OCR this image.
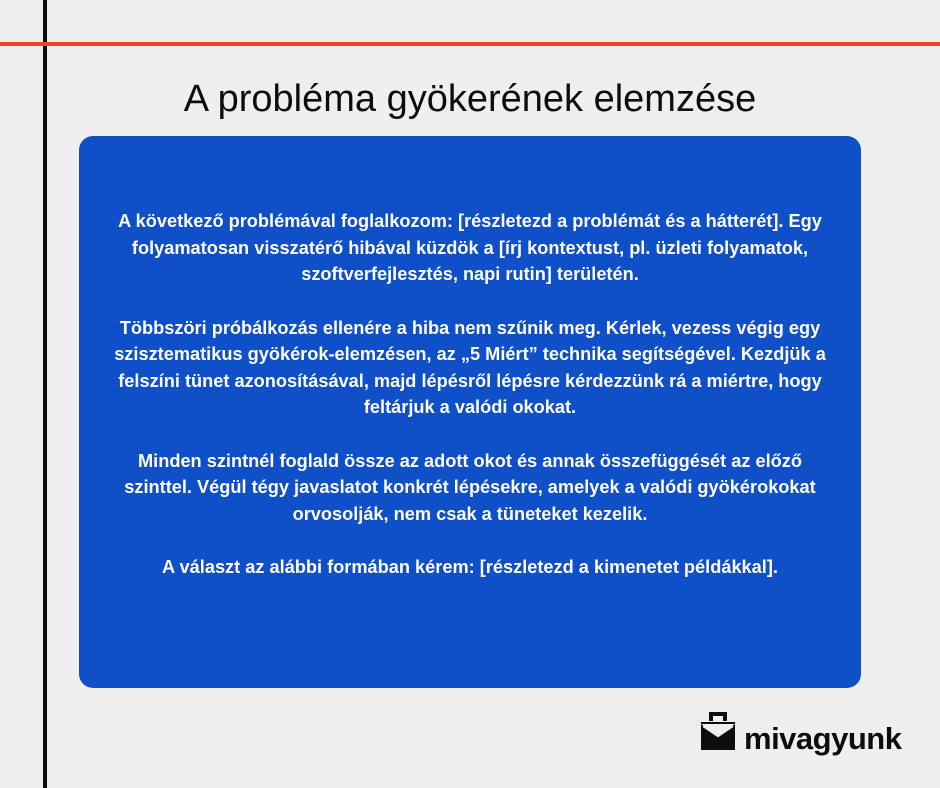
A probléma gyökerének elemzése

A következő problémával foglalkozom: [részletezd a problémát és a hátterét]. Egy folyamatosan visszatérő hibával küzdök a [írj kontextust, pl. üzleti folyamatok, szoftverfejlesztés, napi rutin] területén.

Többszöri próbálkozás ellenére a hiba nem szűnik meg. Kérlek, vezess végig egy szisztematikus gyökérok-elemzésen, az „5 Miért” technika segítségével. Kezdjük a felszíni tünet azonosításával, majd lépésről lépésre kérdezzünk rá a miértre, hogy feltárjuk a valódi okokat.

Minden szintnél foglald össze az adott okot és annak összefüggését az előző szinttel. Végül tégy javaslatot konkrét lépésekre, amelyek a valódi gyökérokokat orvosolják, nem csak a tüneteket kezelik.

A választ az alábbi formában kérem: [részletezd a kimenetet példákkal].

mivagyunk
